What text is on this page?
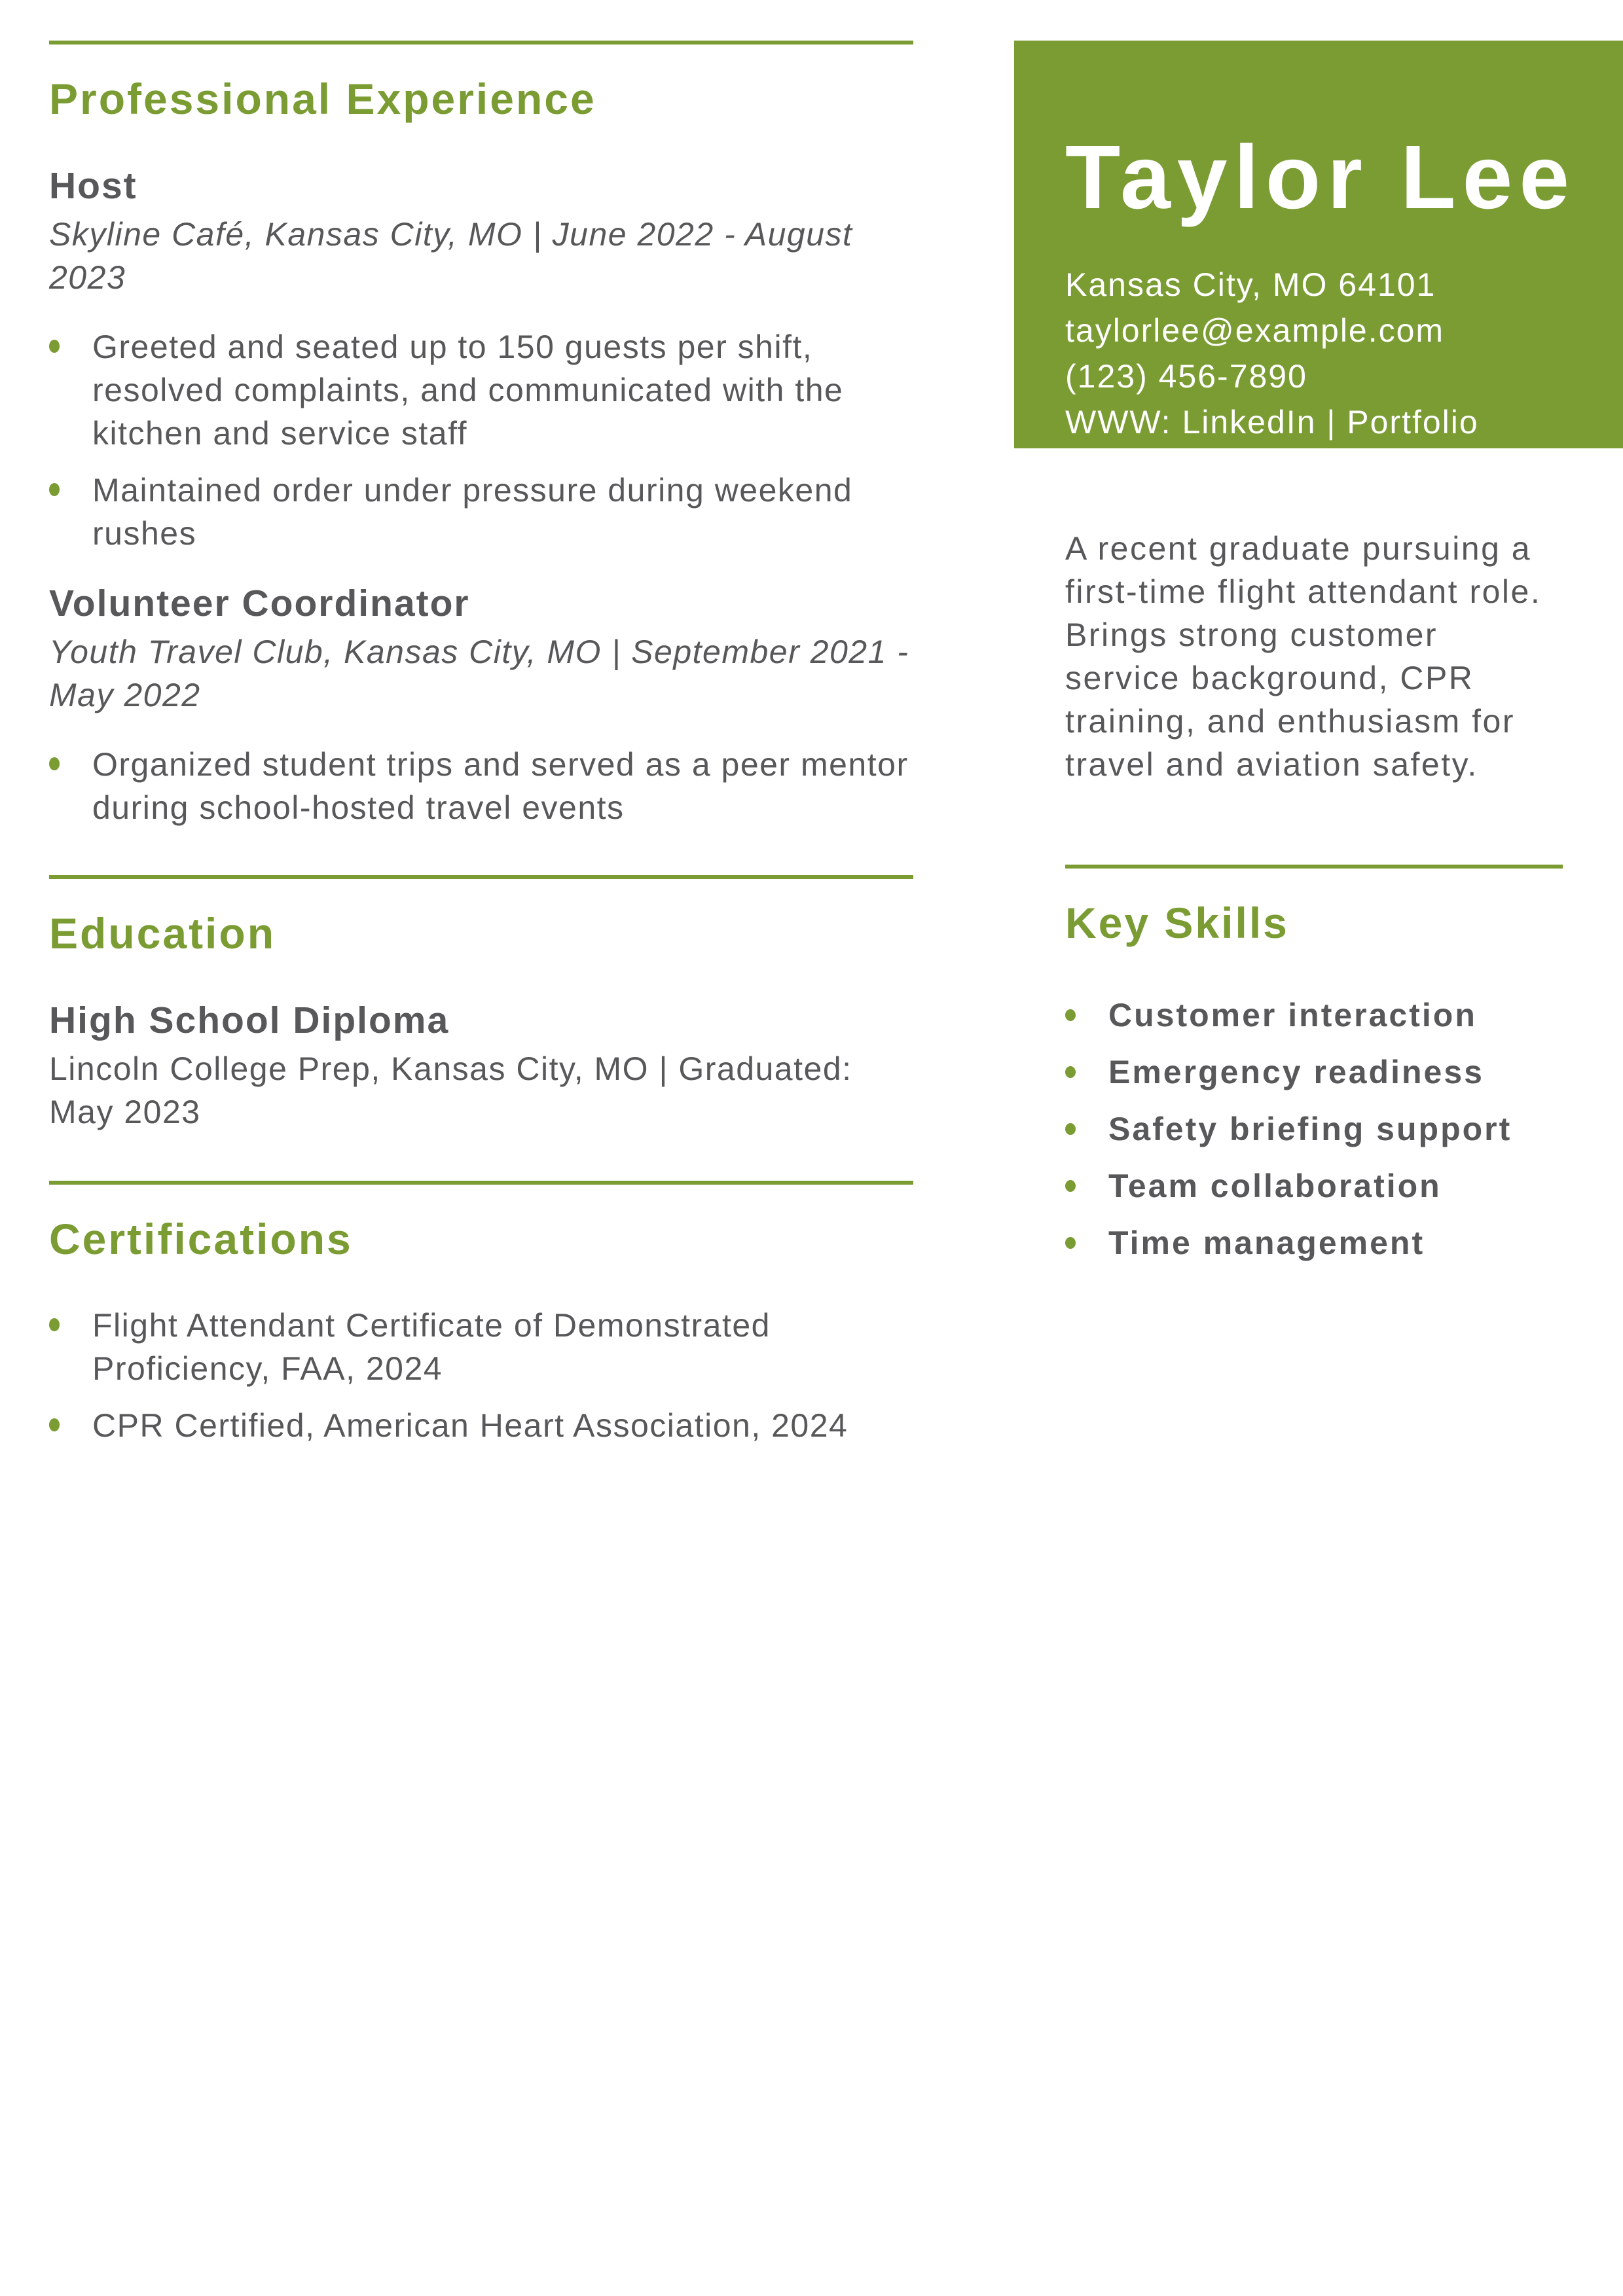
Professional Experience
Host
Skyline Café, Kansas City, MO | June 2022 - August 2023
Greeted and seated up to 150 guests per shift, resolved complaints, and communicated with the kitchen and service staff
Maintained order under pressure during weekend rushes
Volunteer Coordinator
Youth Travel Club, Kansas City, MO | September 2021 - May 2022
Organized student trips and served as a peer mentor during school-hosted travel events
Education
High School Diploma
Lincoln College Prep, Kansas City, MO | Graduated: May 2023
Certifications
Flight Attendant Certificate of Demonstrated Proficiency, FAA, 2024
CPR Certified, American Heart Association, 2024
Taylor Lee
Kansas City, MO 64101
taylorlee@example.com
(123) 456-7890
WWW: LinkedIn | Portfolio

A recent graduate pursuing a first-time flight attendant role. Brings strong customer service background, CPR training, and enthusiasm for travel and aviation safety.

Key Skills
Customer interaction
Emergency readiness
Safety briefing support
Team collaboration
Time management
